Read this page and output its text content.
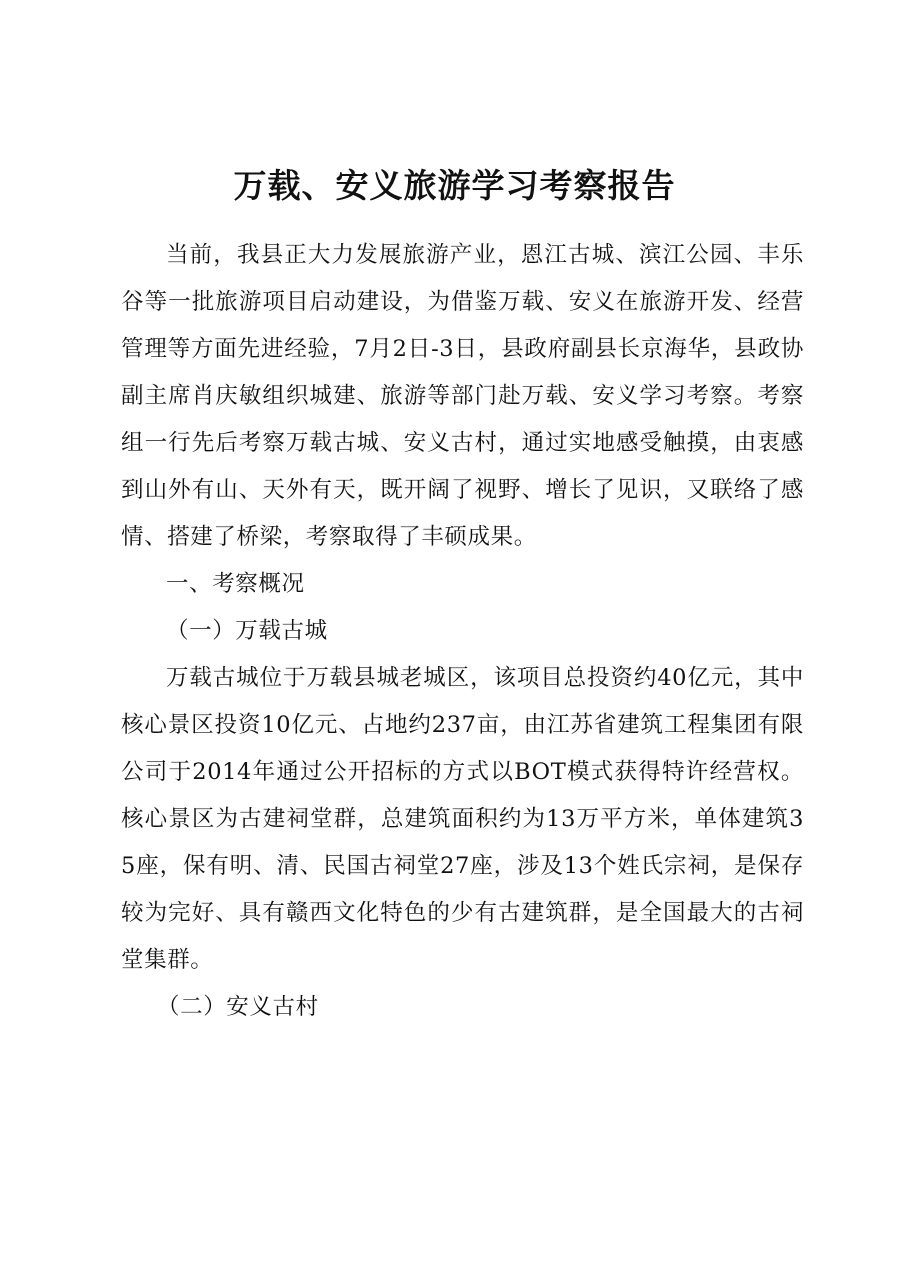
万载、安义旅游学习考察报告

当前，我县正大力发展旅游产业，恩江古城、滨江公园、丰乐谷等一批旅游项目启动建设，为借鉴万载、安义在旅游开发、经营管理等方面先进经验，7月2日-3日，县政府副县长京海华，县政协副主席肖庆敏组织城建、旅游等部门赴万载、安义学习考察。考察组一行先后考察万载古城、安义古村，通过实地感受触摸，由衷感到山外有山、天外有天，既开阔了视野、增长了见识，又联络了感情、搭建了桥梁，考察取得了丰硕成果。

一、考察概况

（一）万载古城

万载古城位于万载县城老城区，该项目总投资约40亿元，其中核心景区投资10亿元、占地约237亩，由江苏省建筑工程集团有限公司于2014年通过公开招标的方式以BOT模式获得特许经营权。核心景区为古建祠堂群，总建筑面积约为13万平方米，单体建筑35座，保有明、清、民国古祠堂27座，涉及13个姓氏宗祠，是保存较为完好、具有赣西文化特色的少有古建筑群，是全国最大的古祠堂集群。

（二）安义古村
